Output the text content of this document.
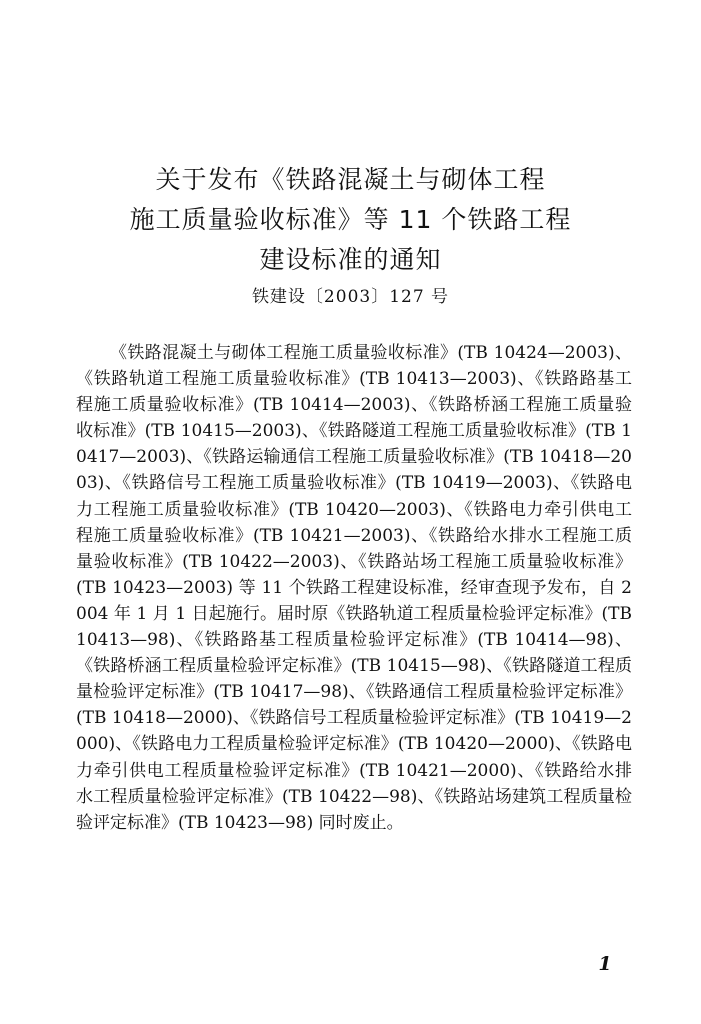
关于发布《铁路混凝土与砌体工程
施工质量验收标准》等 11 个铁路工程
建设标准的通知
铁建设〔2003〕127 号

《铁路混凝土与砌体工程施工质量验收标准》(TB 10424—2003)、《铁路轨道工程施工质量验收标准》(TB 10413—2003)、《铁路路基工程施工质量验收标准》(TB 10414—2003)、《铁路桥涵工程施工质量验收标准》(TB 10415—2003)、《铁路隧道工程施工质量验收标准》(TB 10417—2003)、《铁路运输通信工程施工质量验收标准》(TB 10418—2003)、《铁路信号工程施工质量验收标准》(TB 10419—2003)、《铁路电力工程施工质量验收标准》(TB 10420—2003)、《铁路电力牵引供电工程施工质量验收标准》(TB 10421—2003)、《铁路给水排水工程施工质量验收标准》(TB 10422—2003)、《铁路站场工程施工质量验收标准》(TB 10423—2003) 等 11 个铁路工程建设标准，经审查现予发布，自 2004 年 1 月 1 日起施行。届时原《铁路轨道工程质量检验评定标准》(TB 10413—98)、《铁路路基工程质量检验评定标准》(TB 10414—98)、《铁路桥涵工程质量检验评定标准》(TB 10415—98)、《铁路隧道工程质量检验评定标准》(TB 10417—98)、《铁路通信工程质量检验评定标准》(TB 10418—2000)、《铁路信号工程质量检验评定标准》(TB 10419—2000)、《铁路电力工程质量检验评定标准》(TB 10420—2000)、《铁路电力牵引供电工程质量检验评定标准》(TB 10421—2000)、《铁路给水排水工程质量检验评定标准》(TB 10422—98)、《铁路站场建筑工程质量检验评定标准》(TB 10423—98) 同时废止。

1
